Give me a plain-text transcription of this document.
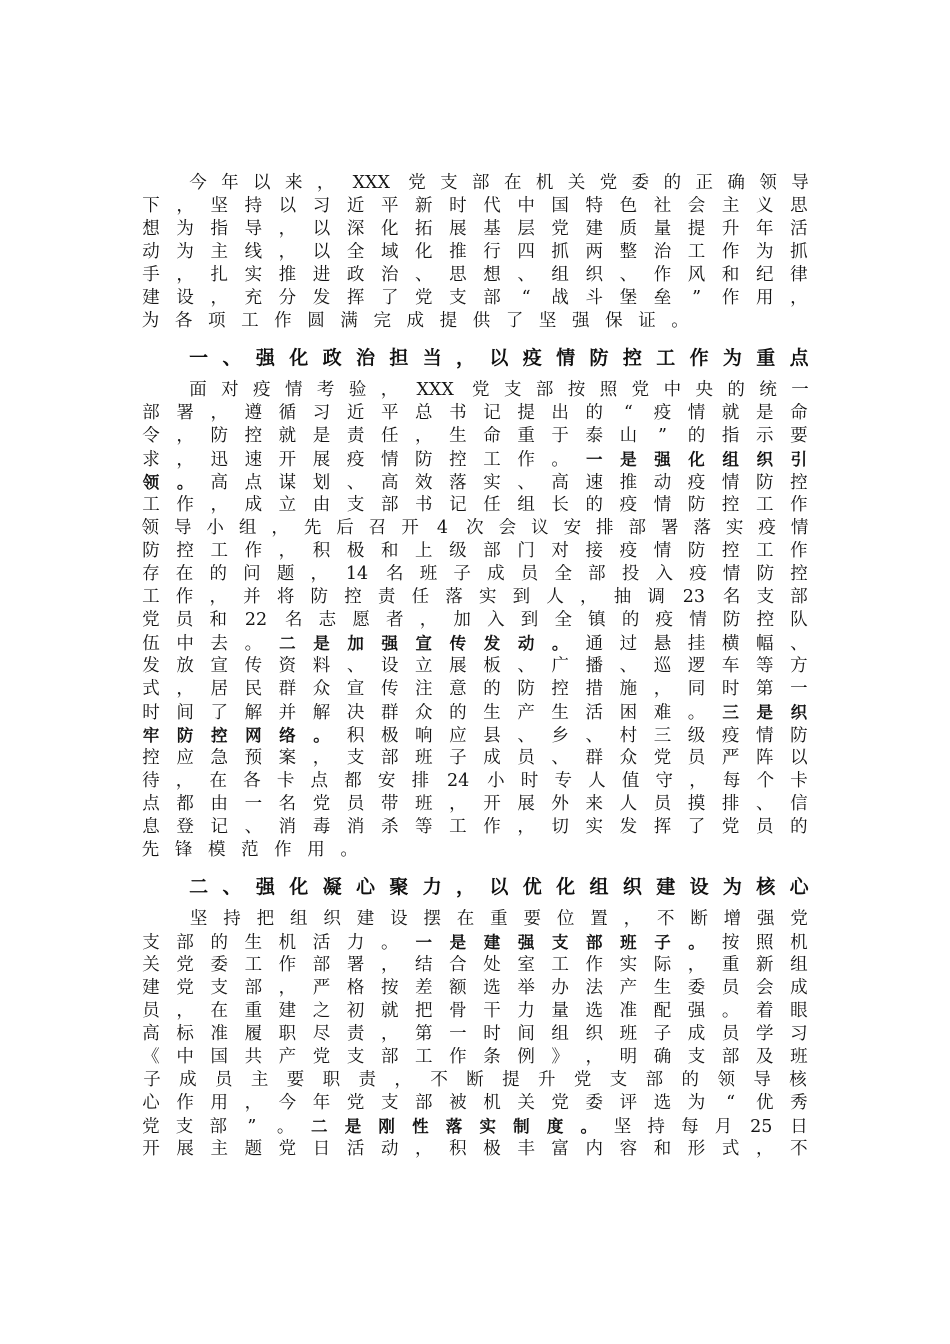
今 年 以 来 ， XXX 党 支 部 在 机 关 党 委 的 正 确 领 导
下 ， 坚 持 以 习 近 平 新 时 代 中 国 特 色 社 会 主 义 思
想 为 指 导 ， 以 深 化 拓 展 基 层 党 建 质 量 提 升 年 活
动 为 主 线 ， 以 全 域 化 推 行 四 抓 两 整 治 工 作 为 抓
手 ， 扎 实 推 进 政 治 、 思 想 、 组 织 、 作 风 和 纪 律
建 设 ， 充 分 发 挥 了 党 支 部 “ 战 斗 堡 垒 ” 作 用 ，
为 各 项 工 作 圆 满 完 成 提 供 了 坚 强 保 证 。
一 、 强 化 政 治 担 当 ， 以 疫 情 防 控 工 作 为 重 点
面 对 疫 情 考 验 ， XXX 党 支 部 按 照 党 中 央 的 统 一
部 署 ， 遵 循 习 近 平 总 书 记 提 出 的 “ 疫 情 就 是 命
令 ， 防 控 就 是 责 任 ， 生 命 重 于 泰 山 ” 的 指 示 要
求 ， 迅 速 开 展 疫 情 防 控 工 作 。 一 是 强 化 组 织 引
领 。 高 点 谋 划 、 高 效 落 实 、 高 速 推 动 疫 情 防 控
工 作 ， 成 立 由 支 部 书 记 任 组 长 的 疫 情 防 控 工 作
领 导 小 组 ， 先 后 召 开 4 次 会 议 安 排 部 署 落 实 疫 情
防 控 工 作 ， 积 极 和 上 级 部 门 对 接 疫 情 防 控 工 作
存 在 的 问 题 ， 14 名 班 子 成 员 全 部 投 入 疫 情 防 控
工 作 ， 并 将 防 控 责 任 落 实 到 人 ， 抽 调 23 名 支 部
党 员 和 22 名 志 愿 者 ， 加 入 到 全 镇 的 疫 情 防 控 队
伍 中 去 。 二 是 加 强 宣 传 发 动 。 通 过 悬 挂 横 幅 、
发 放 宣 传 资 料 、 设 立 展 板 、 广 播 、 巡 逻 车 等 方
式 ， 居 民 群 众 宣 传 注 意 的 防 控 措 施 ， 同 时 第 一
时 间 了 解 并 解 决 群 众 的 生 产 生 活 困 难 。 三 是 织
牢 防 控 网 络 。 积 极 响 应 县 、 乡 、 村 三 级 疫 情 防
控 应 急 预 案 ， 支 部 班 子 成 员 、 群 众 党 员 严 阵 以
待 ， 在 各 卡 点 都 安 排 24 小 时 专 人 值 守 ， 每 个 卡
点 都 由 一 名 党 员 带 班 ， 开 展 外 来 人 员 摸 排 、 信
息 登 记 、 消 毒 消 杀 等 工 作 ， 切 实 发 挥 了 党 员 的
先 锋 模 范 作 用 。
二 、 强 化 凝 心 聚 力 ， 以 优 化 组 织 建 设 为 核 心
坚 持 把 组 织 建 设 摆 在 重 要 位 置 ， 不 断 增 强 党
支 部 的 生 机 活 力 。 一 是 建 强 支 部 班 子 。 按 照 机
关 党 委 工 作 部 署 ， 结 合 处 室 工 作 实 际 ， 重 新 组
建 党 支 部 ， 严 格 按 差 额 选 举 办 法 产 生 委 员 会 成
员 ， 在 重 建 之 初 就 把 骨 干 力 量 选 准 配 强 。 着 眼
高 标 准 履 职 尽 责 ， 第 一 时 间 组 织 班 子 成 员 学 习
《 中 国 共 产 党 支 部 工 作 条 例 》 ， 明 确 支 部 及 班
子 成 员 主 要 职 责 ， 不 断 提 升 党 支 部 的 领 导 核
心 作 用 ， 今 年 党 支 部 被 机 关 党 委 评 选 为 “ 优 秀
党 支 部 ” 。 二 是 刚 性 落 实 制 度 。 坚 持 每 月 25 日
开 展 主 题 党 日 活 动 ， 积 极 丰 富 内 容 和 形 式 ， 不
